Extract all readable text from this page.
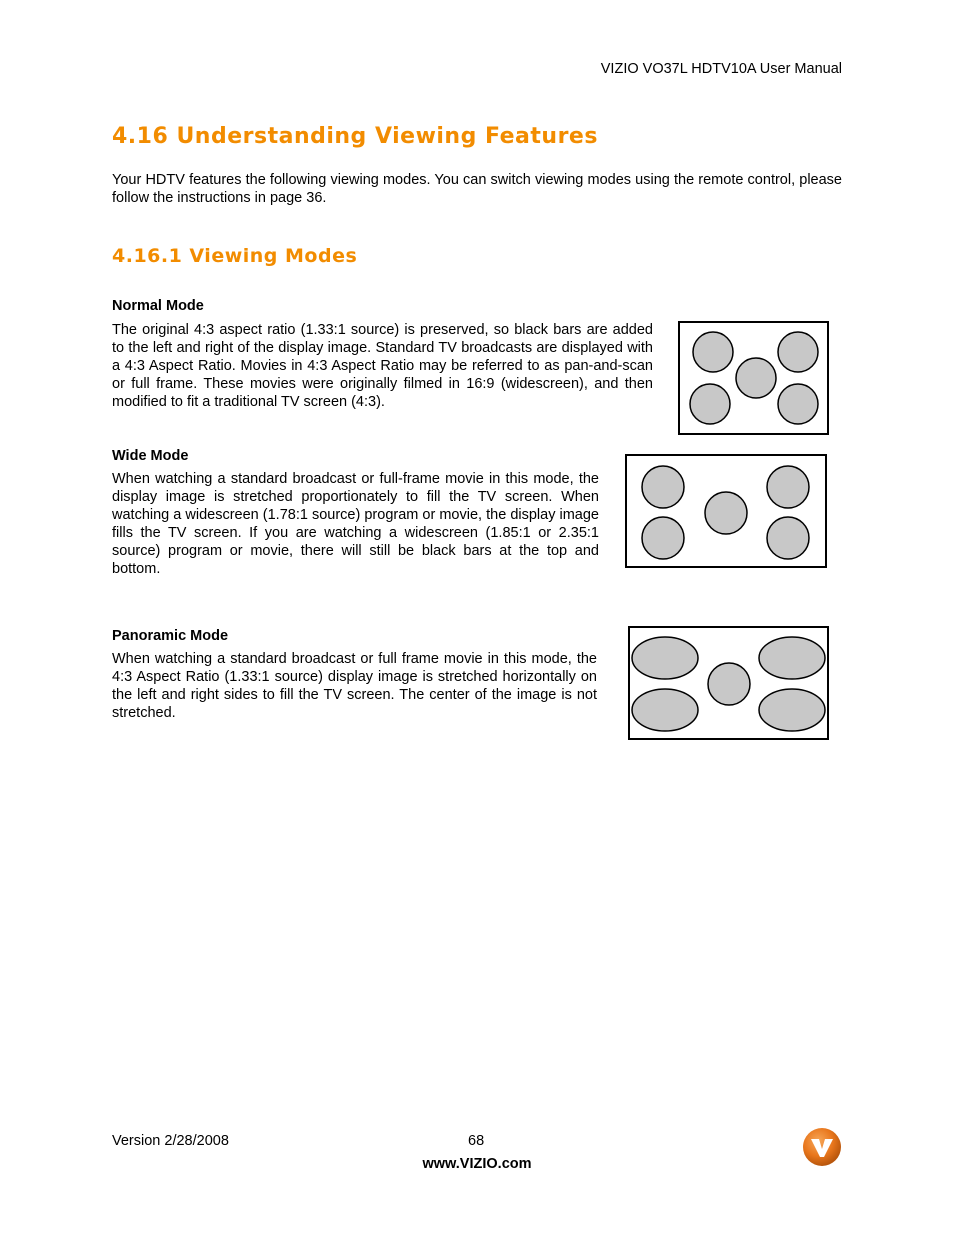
VIZIO VO37L HDTV10A User Manual
4.16 Understanding Viewing Features

Your HDTV features the following viewing modes. You can switch viewing modes using the remote control, please follow the instructions in page 36.

4.16.1 Viewing Modes
Normal Mode

The original 4:3 aspect ratio (1.33:1 source) is preserved, so black bars are added to the left and right of the display image. Standard TV broadcasts are displayed with a 4:3 Aspect Ratio. Movies in 4:3 Aspect Ratio may be referred to as pan-and-scan or full frame. These movies were originally filmed in 16:9 (widescreen), and then modified to fit a traditional TV screen (4:3).

Wide Mode

When watching a standard broadcast or full-frame movie in this mode, the display image is stretched proportionately to fill the TV screen. When watching a widescreen (1.78:1 source) program or movie, the display image fills the TV screen. If you are watching a widescreen (1.85:1 or 2.35:1 source) program or movie, there will still be black bars at the top and bottom.

Panoramic Mode

When watching a standard broadcast or full frame movie in this mode, the 4:3 Aspect Ratio (1.33:1 source) display image is stretched horizontally on the left and right sides to fill the TV screen. The center of the image is not stretched.

Version 2/28/2008	68
www.VIZIO.com
